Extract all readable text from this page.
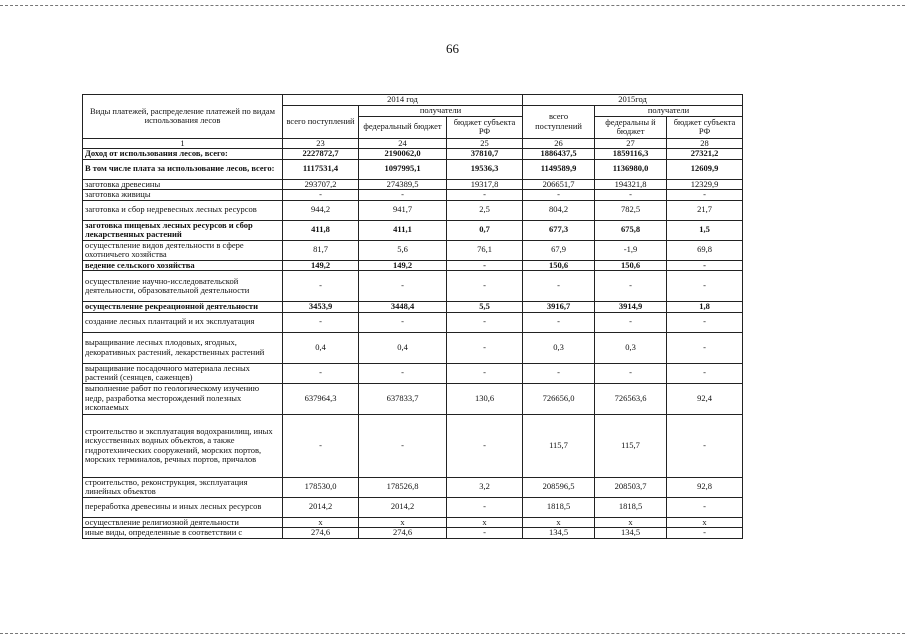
66
Виды платежей, распределение платежей по видам использования лесов	2014 год			2015год		
	всего поступлений	получатели		всего поступлений	получатели	
		федеральный бюджет	бюджет субъекта РФ		федеральны й бюджет	бюджет субъекта РФ
1	23	24	25	26	27	28
Доход от использования лесов, всего:	2227872,7	2190062,0	37810,7	1886437,5	1859116,3	27321,2
В том числе плата за использование лесов, всего:	1117531,4	1097995,1	19536,3	1149589,9	1136980,0	12609,9
заготовка древесины	293707,2	274389,5	19317,8	206651,7	194321,8	12329,9
заготовка живицы	-	-	-	-	-	-
заготовка и сбор недревесных лесных ресурсов	944,2	941,7	2,5	804,2	782,5	21,7
заготовка пищевых лесных ресурсов и сбор лекарственных растений	411,8	411,1	0,7	677,3	675,8	1,5
осуществление видов деятельности в сфере охотничьего хозяйства	81,7	5,6	76,1	67,9	-1,9	69,8
ведение сельского хозяйства	149,2	149,2	-	150,6	150,6	-
осуществление научно-исследовательской деятельности, образовательной деятельности	-	-	-	-	-	-
осуществление рекреационной деятельности	3453,9	3448,4	5,5	3916,7	3914,9	1,8
создание лесных плантаций и их эксплуатация	-	-	-	-	-	-
выращивание лесных плодовых, ягодных, декоративных растений, лекарственных растений	0,4	0,4	-	0,3	0,3	-
выращивание посадочного материала лесных растений (сеянцев, саженцев)	-	-	-	-	-	-
выполнение работ по геологическому изучению недр, разработка месторождений полезных ископаемых	637964,3	637833,7	130,6	726656,0	726563,6	92,4
строительство и эксплуатация водохранилищ, иных искусственных водных объектов, а также гидротехнических сооружений, морских портов, морских терминалов, речных портов, причалов	-	-	-	115,7	115,7	-
строительство, реконструкция, эксплуатация линейных объектов	178530,0	178526,8	3,2	208596,5	208503,7	92,8
переработка древесины и иных лесных ресурсов	2014,2	2014,2	-	1818,5	1818,5	-
осуществление религиозной деятельности	x	x	x	x	x	x
иные виды, определенные в соответствии с	274,6	274,6	-	134,5	134,5	-
